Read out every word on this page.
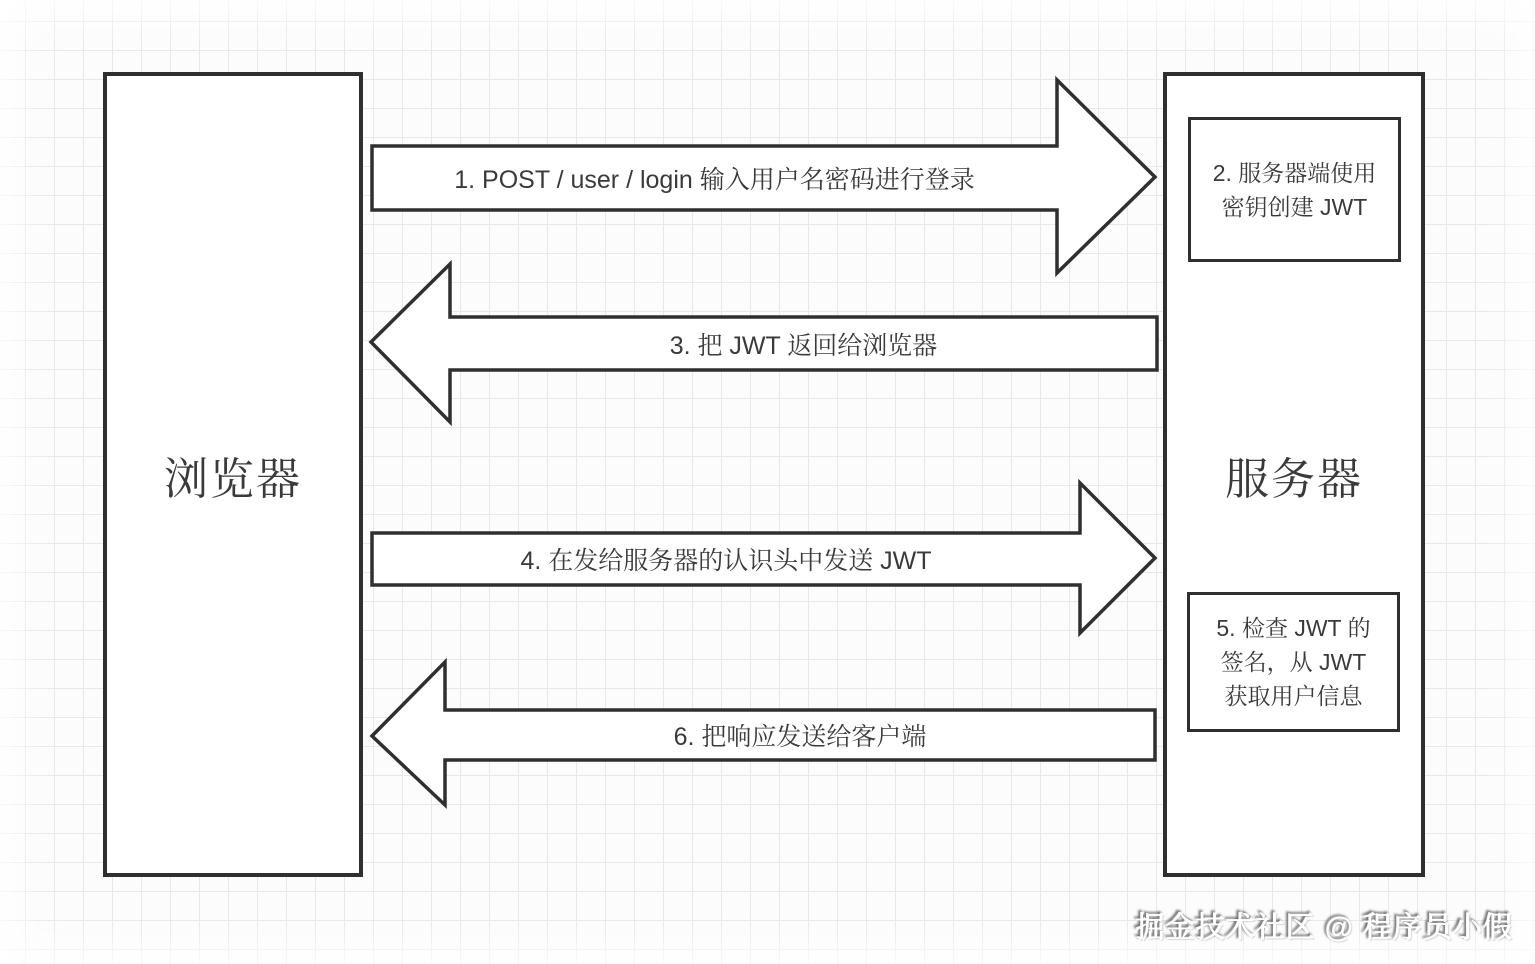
浏览器	服务器
2. 服务器端使用密钥创建 JWT
5. 检查 JWT 的签名，从 JWT 获取用户信息
1. POST / user / login 输入用户名密码进行登录
3. 把 JWT 返回给浏览器
4. 在发给服务器的认识头中发送 JWT
6. 把响应发送给客户端
掘金技术社区 @ 程序员小假
